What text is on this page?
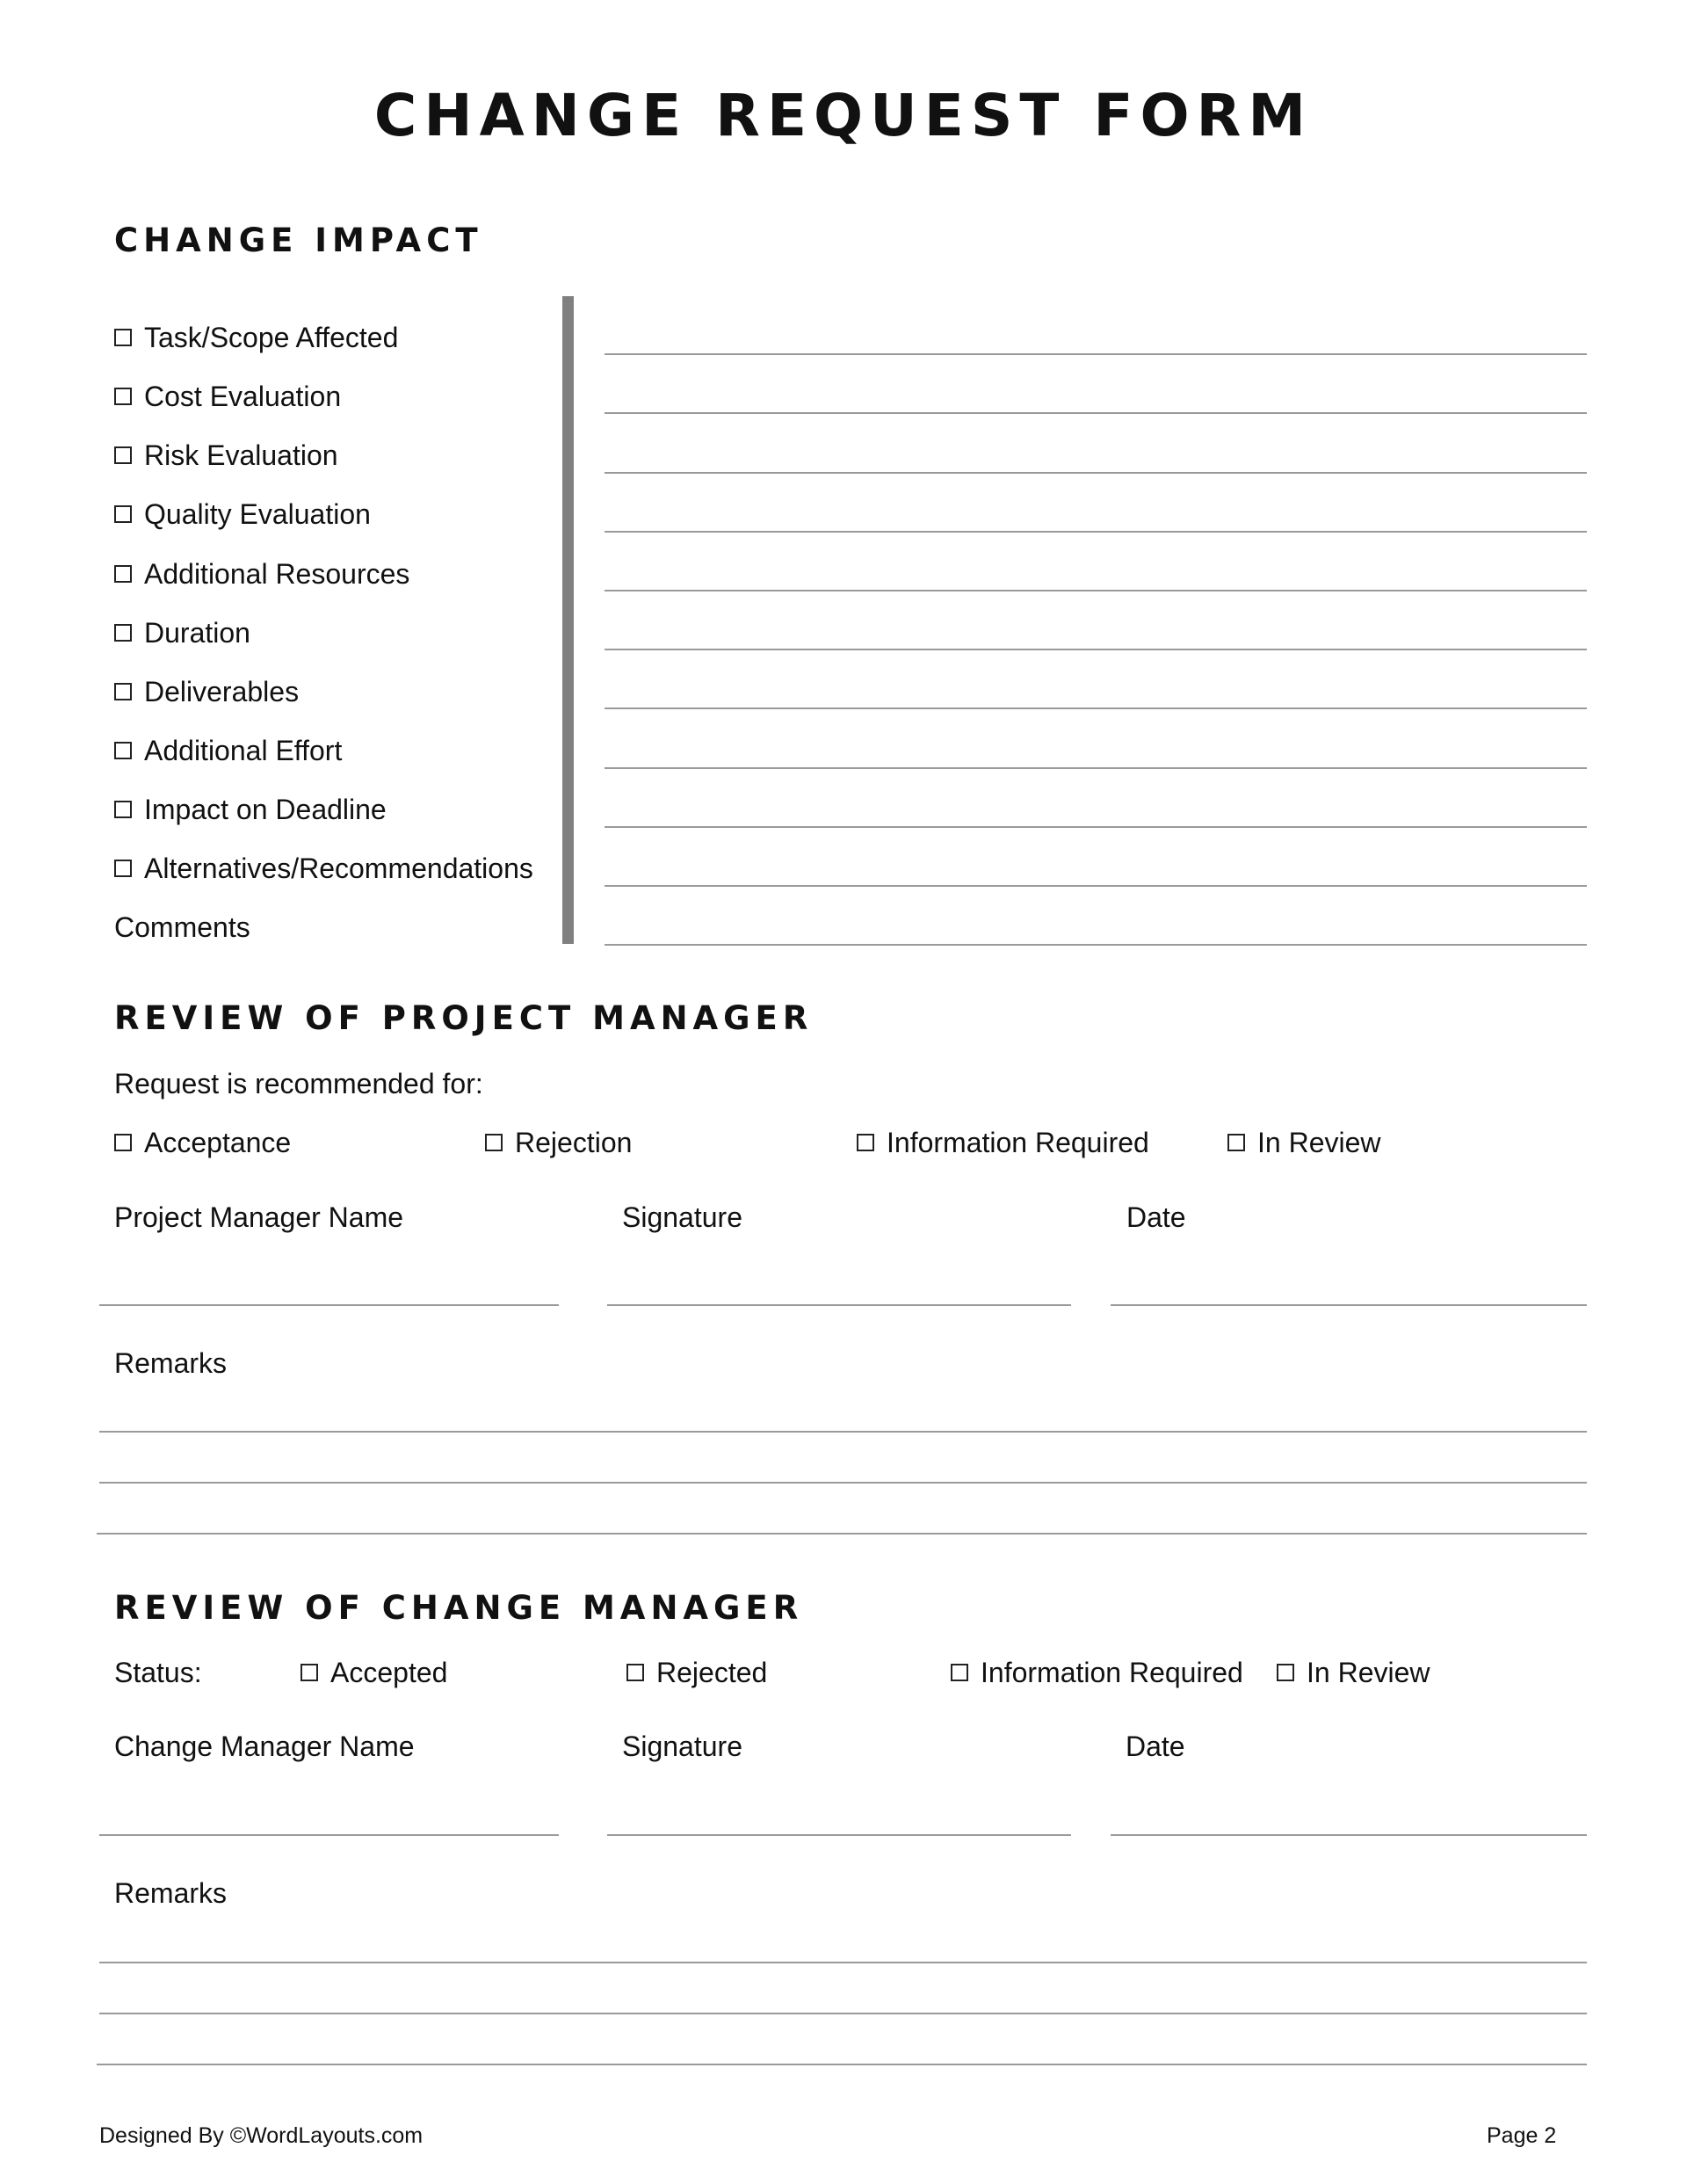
CHANGE REQUEST FORM
CHANGE IMPACT
Task/Scope Affected
Cost Evaluation
Risk Evaluation
Quality Evaluation
Additional Resources
Duration
Deliverables
Additional Effort
Impact on Deadline
Alternatives/Recommendations
Comments
REVIEW OF PROJECT MANAGER
Request is recommended for:
Acceptance	Rejection	Information Required	In Review
Project Manager Name	Signature	Date
Remarks
REVIEW OF CHANGE MANAGER
Status:	Accepted	Rejected	Information Required In Review
Change Manager Name	Signature	Date
Remarks
Designed By ©WordLayouts.com	Page 2
